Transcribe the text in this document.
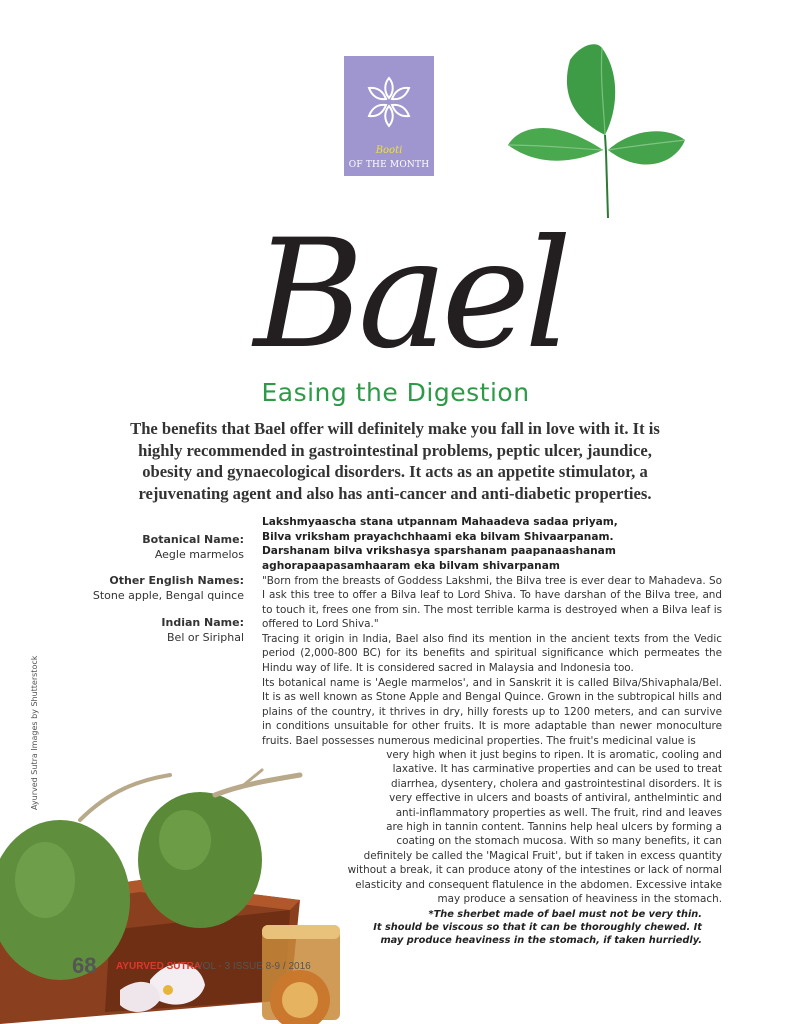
Booti
OF THE MONTH
Bael
Easing the Digestion
The benefits that Bael offer will definitely make you fall in love with it. It is highly recommended in gastrointestinal problems, peptic ulcer, jaundice, obesity and gynaecological disorders. It acts as an appetite stimulator, a rejuvenating agent and also has anti-cancer and anti-diabetic properties.
Botanical Name:
Aegle marmelos
Other English Names:
Stone apple, Bengal quince
Indian Name:
Bel or Siriphal
Lakshmyaascha stana utpannam Mahaadeva sadaa priyam,
Bilva vriksham prayachchhaami eka bilvam Shivaarpanam.
Darshanam bilva vrikshasya sparshanam paapanaashanam
aghorapaapasamhaaram eka bilvam shivarpanam
"Born from the breasts of Goddess Lakshmi, the Bilva tree is ever dear to Mahadeva. So I ask this tree to offer a Bilva leaf to Lord Shiva. To have darshan of the Bilva tree, and to touch it, frees one from sin. The most terrible karma is destroyed when a Bilva leaf is offered to Lord Shiva."
Tracing it origin in India, Bael also find its mention in the ancient texts from the Vedic period (2,000-800 BC) for its benefits and spiritual significance which permeates the Hindu way of life. It is considered sacred in Malaysia and Indonesia too.
Its botanical name is 'Aegle marmelos', and in Sanskrit it is called Bilva/Shivaphala/Bel. It is as well known as Stone Apple and Bengal Quince. Grown in the subtropical hills and plains of the country, it thrives in dry, hilly forests up to 1200 meters, and can survive in conditions unsuitable for other fruits. It is more adaptable than newer monoculture fruits. Bael possesses numerous medicinal properties. The fruit's medicinal value is
very high when it just begins to ripen. It is aromatic, cooling and
laxative. It has carminative properties and can be used to treat
diarrhea, dysentery, cholera and gastrointestinal disorders. It is
very effective in ulcers and boasts of antiviral, anthelmintic and
anti-inflammatory properties as well. The fruit, rind and leaves
are high in tannin content. Tannins help heal ulcers by forming a
coating on the stomach mucosa. With so many benefits, it can
definitely be called the 'Magical Fruit', but if taken in excess quantity
without a break, it can produce atony of the intestines or lack of normal
elasticity and consequent flatulence in the abdomen. Excessive intake
may produce a sensation of heaviness in the stomach.
*The sherbet made of bael must not be very thin.
It should be viscous so that it can be thoroughly chewed. It
may produce heaviness in the stomach, if taken hurriedly.
Ayurved Sutra Images by Shutterstock
68 AYURVED SUTRA
VOL - 3 ISSUE 8-9 / 2016
